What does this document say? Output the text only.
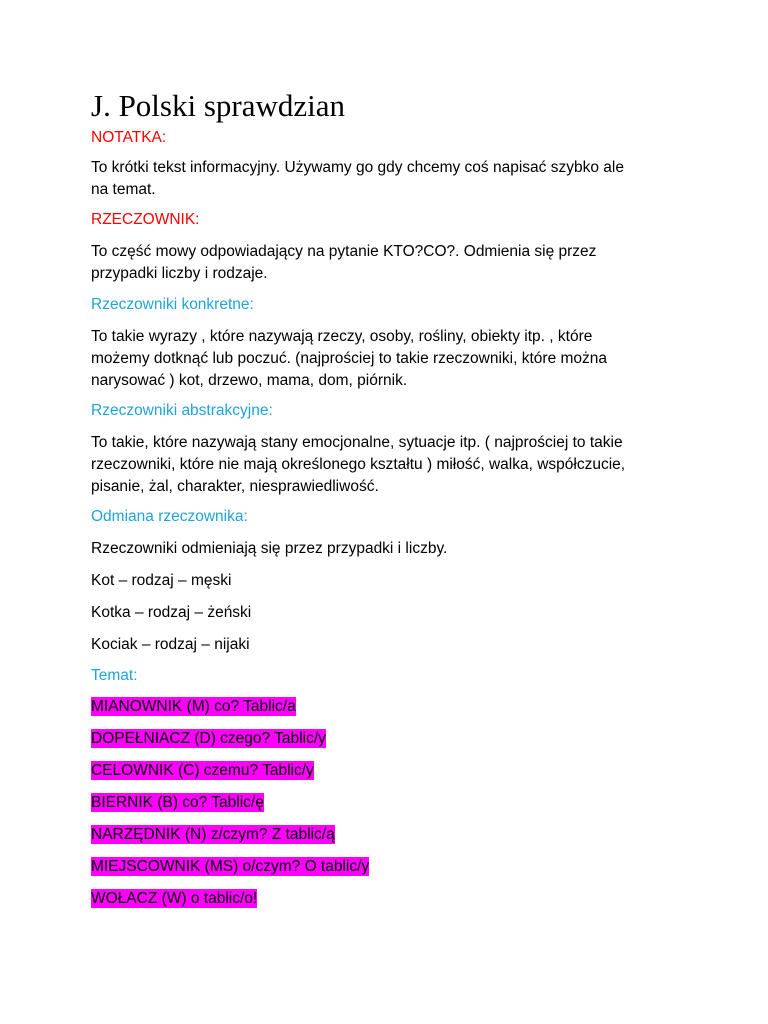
J. Polski sprawdzian
NOTATKA:
To krótki tekst informacyjny. Używamy go gdy chcemy coś napisać szybko ale
na temat.
RZECZOWNIK:
To część mowy odpowiadający na pytanie KTO?CO?. Odmienia się przez
przypadki liczby i rodzaje.
Rzeczowniki konkretne:
To takie wyrazy , które nazywają rzeczy, osoby, rośliny, obiekty itp. , które
możemy dotknąć lub poczuć. (najprościej to takie rzeczowniki, które można
narysować ) kot, drzewo, mama, dom, piórnik.
Rzeczowniki abstrakcyjne:
To takie, które nazywają stany emocjonalne, sytuacje itp. ( najprościej to takie
rzeczowniki, które nie mają określonego kształtu ) miłość, walka, współczucie,
pisanie, żal, charakter, niesprawiedliwość.
Odmiana rzeczownika:
Rzeczowniki odmieniają się przez przypadki i liczby.
Kot – rodzaj – męski
Kotka – rodzaj – żeński
Kociak – rodzaj – nijaki
Temat:
MIANOWNIK (M) co? Tablic/a
DOPEŁNIACZ (D) czego? Tablic/y
CELOWNIK (C) czemu? Tablic/y
BIERNIK (B) co? Tablic/ę
NARZĘDNIK (N) z/czym? Z tablic/ą
MIEJSCOWNIK (MS) o/czym? O tablic/y
WOŁACZ (W) o tablic/o!
